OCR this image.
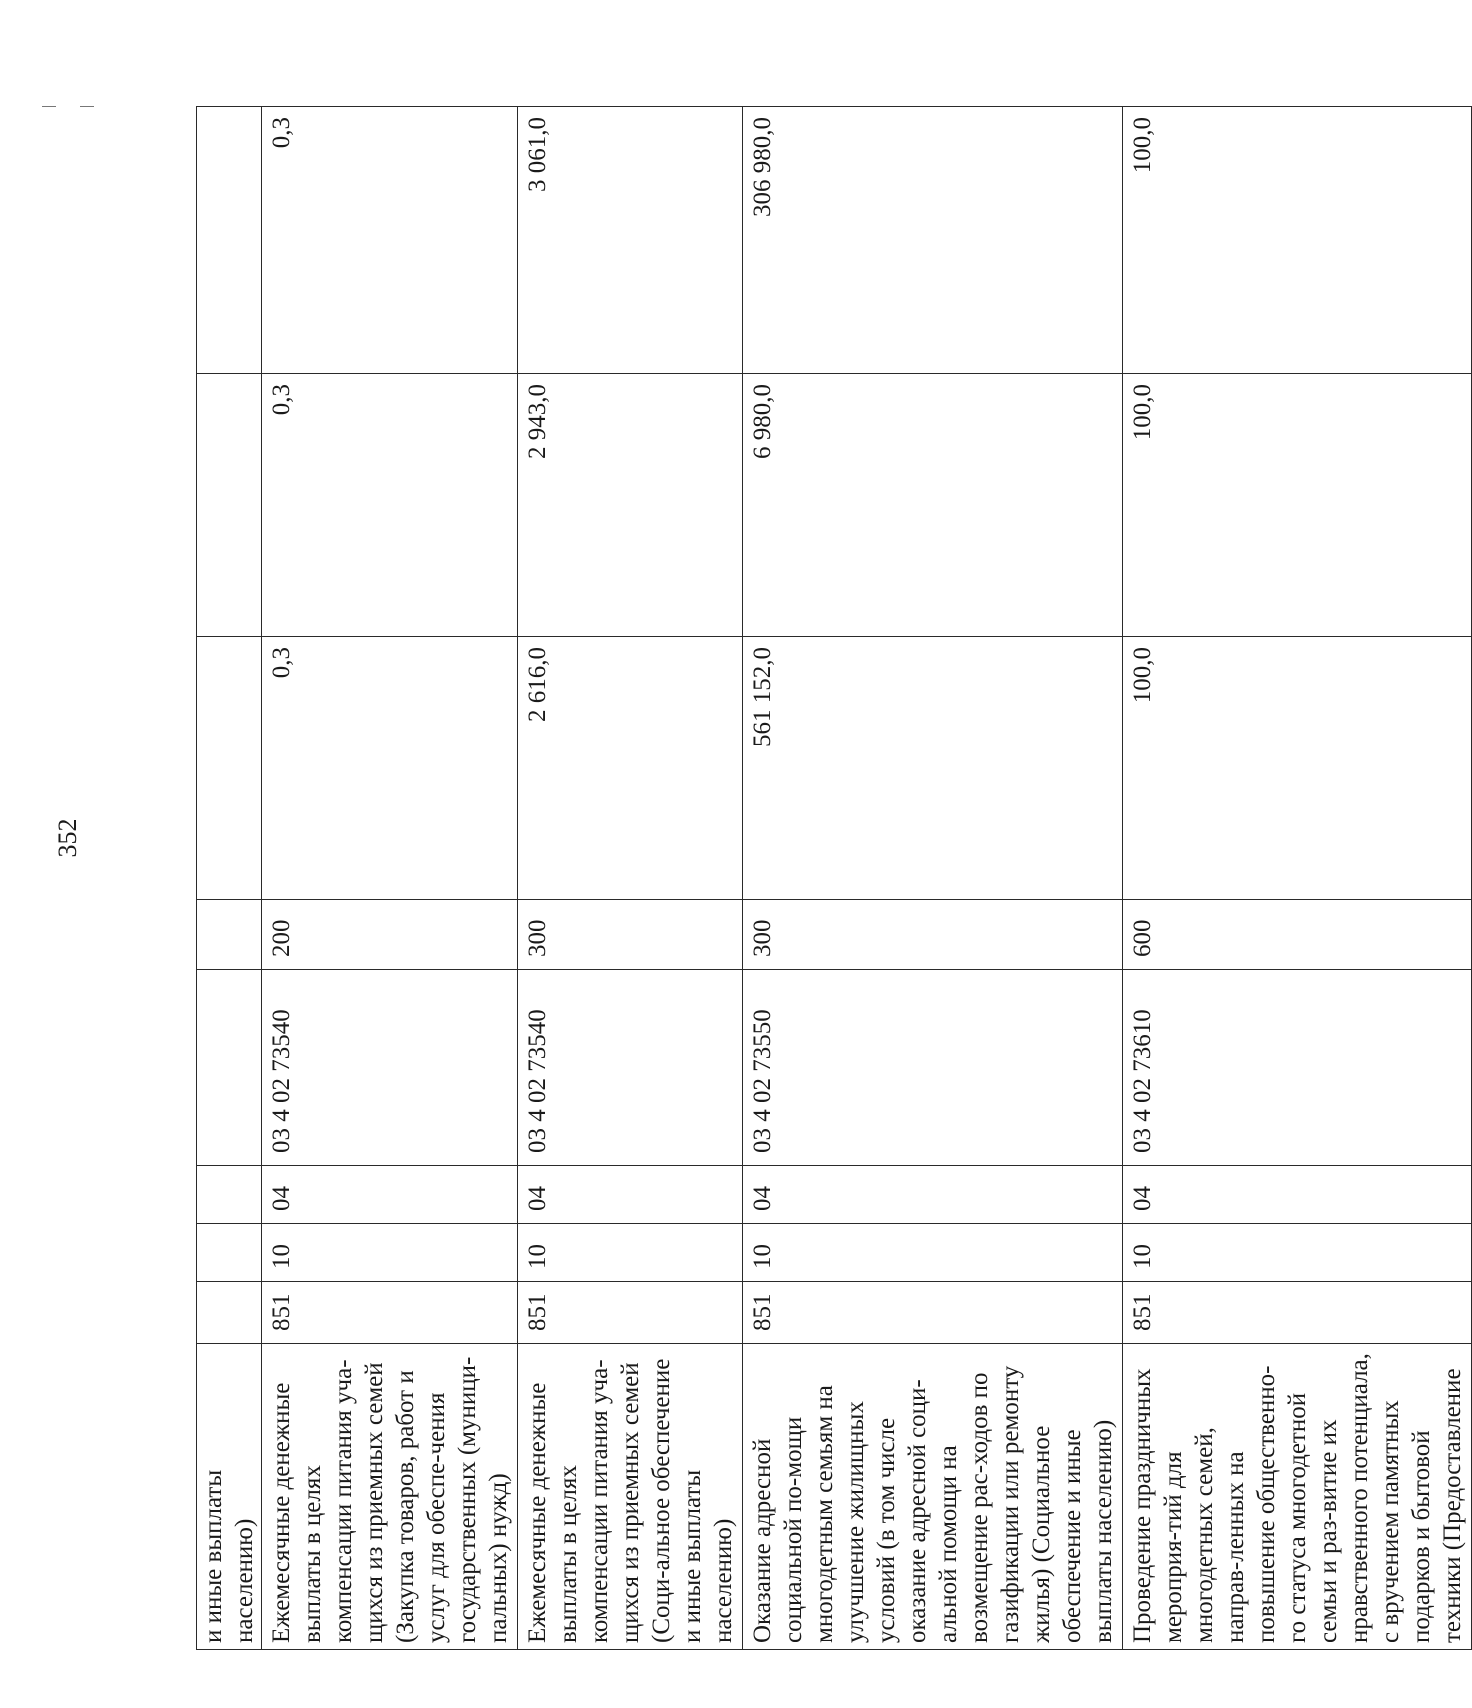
352
и иные выплаты населению)								
Ежемесячные денежные выплаты в целях компенсации питания уча-щихся из приемных семей (Закупка товаров, работ и услуг для обеспе-чения государственных (муници-пальных) нужд)	851	10	04	03 4 02 73540	200	0,3	0,3	0,3
Ежемесячные денежные выплаты в целях компенсации питания уча-щихся из приемных семей (Соци-альное обеспечение и иные выплаты населению)	851	10	04	03 4 02 73540	300	2 616,0	2 943,0	3 061,0
Оказание адресной социальной по-мощи многодетным семьям на улучшение жилищных условий (в том числе оказание адресной соци-альной помощи на возмещение рас-ходов по газификации или ремонту жилья) (Социальное обеспечение и иные выплаты населению)	851	10	04	03 4 02 73550	300	561 152,0	6 980,0	306 980,0
Проведение праздничных мероприя-тий для многодетных семей, направ-ленных на повышение общественно-го статуса многодетной семьи и раз-витие их нравственного потенциала, с вручением памятных подарков и бытовой техники (Предоставление	851	10	04	03 4 02 73610	600	100,0	100,0	100,0
